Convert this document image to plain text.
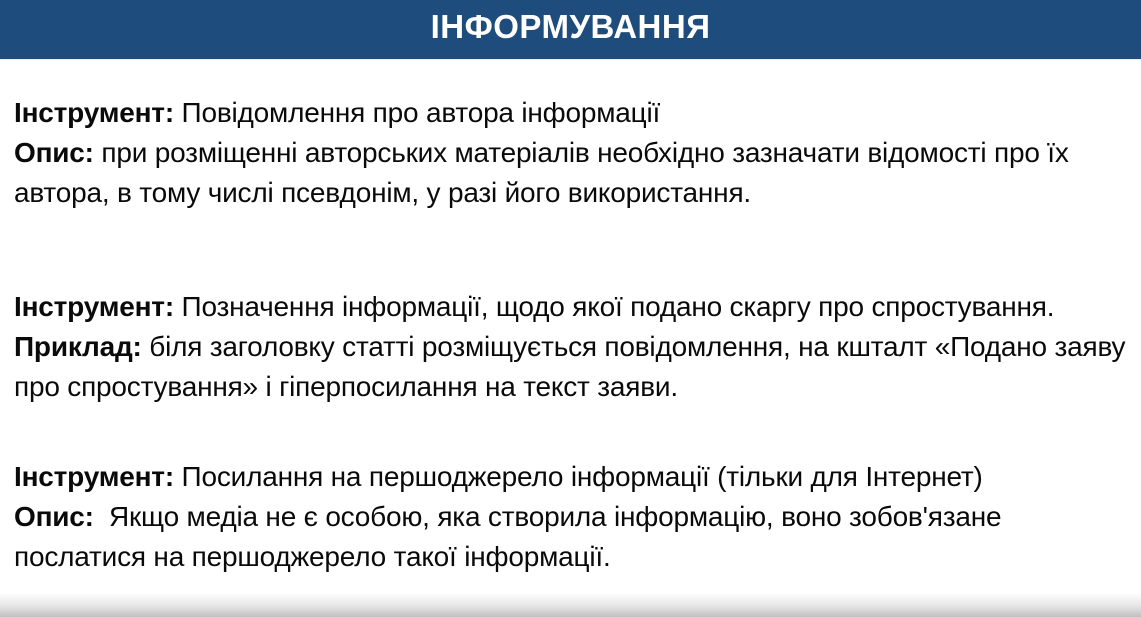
ІНФОРМУВАННЯ
Інструмент: Повідомлення про автора інформації
Опис: при розміщенні авторських матеріалів необхідно зазначати відомості про їх автора, в тому числі псевдонім, у разі його використання.
Інструмент: Позначення інформації, щодо якої подано скаргу про спростування.
Приклад: біля заголовку статті розміщується повідомлення, на кшталт «Подано заяву про спростування» і гіперпосилання на текст заяви.
Інструмент: Посилання на першоджерело інформації (тільки для Інтернет)
Опис:  Якщо медіа не є особою, яка створила інформацію, воно зобов'язане послатися на першоджерело такої інформації.
